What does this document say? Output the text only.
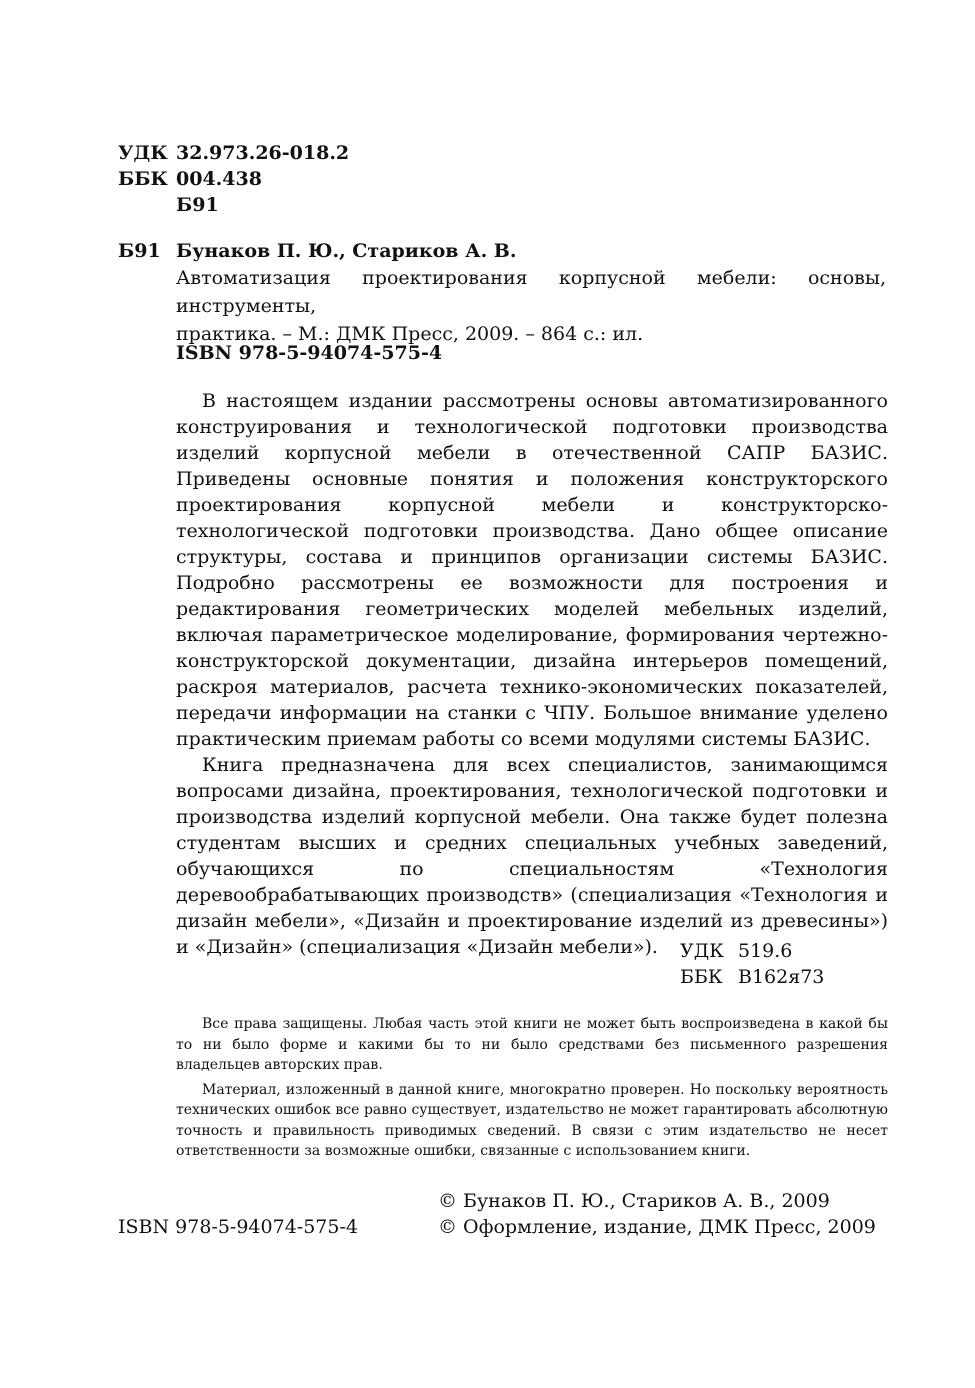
УДК 32.973.26-018.2
ББК 004.438
Б91
Б91 Бунаков П. Ю., Стариков А. В.
Автоматизация проектирования корпусной мебели: основы, инструменты,
практика. – М.: ДМК Пресс, 2009. – 864 с.: ил.
ISBN 978-5-94074-575-4

В настоящем издании рассмотрены основы автоматизированного конструирования и технологической подготовки производства изделий корпусной мебели в отечественной САПР БАЗИС. Приведены основные понятия и положения конструкторского проектирования корпусной мебели и конструкторско-технологической подготовки производства. Дано общее описание структуры, состава и принципов организации системы БАЗИС. Подробно рассмотрены ее возможности для построения и редактирования геометрических моделей мебельных изделий, включая параметрическое моделирование, формирования чертежно-конструкторской документации, дизайна интерьеров помещений, раскроя материалов, расчета технико-экономических показателей, передачи информации на станки с ЧПУ. Большое внимание уделено практическим приемам работы со всеми модулями системы БАЗИС.

Книга предназначена для всех специалистов, занимающимся вопросами дизайна, проектирования, технологической подготовки и производства изделий корпусной мебели. Она также будет полезна студентам высших и средних специальных учебных заведений, обучающихся по специальностям «Технология деревообрабатывающих производств» (специализация «Технология и дизайн мебели», «Дизайн и проектирование изделий из древесины») и «Дизайн» (специализация «Дизайн мебели»).	УДК 519.6
ББК В162я73

Все права защищены. Любая часть этой книги не может быть воспроизведена в какой бы то ни было форме и какими бы то ни было средствами без письменного разрешения владельцев авторских прав.

Материал, изложенный в данной книге, многократно проверен. Но поскольку вероятность технических ошибок все равно существует, издательство не может гарантировать абсолютную точность и правильность приводимых сведений. В связи с этим издательство не несет ответственности за возможные ошибки, связанные с использованием книги.

ISBN 978-5-94074-575-4
© Бунаков П. Ю., Стариков А. В., 2009
© Оформление, издание, ДМК Пресс, 2009
